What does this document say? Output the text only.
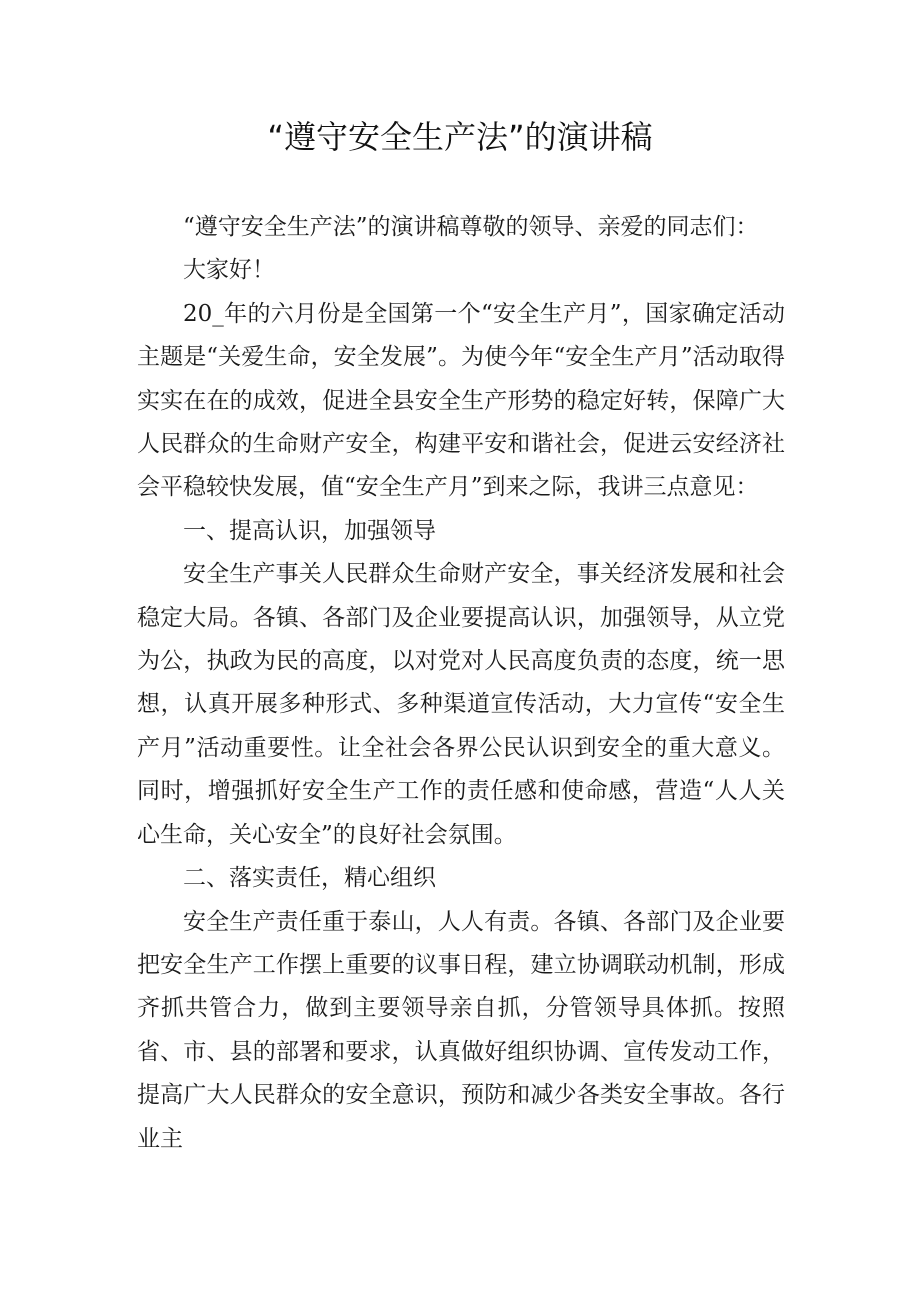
“遵守安全生产法”的演讲稿

“遵守安全生产法”的演讲稿尊敬的领导、亲爱的同志们：

大家好！

20_年的六月份是全国第一个“安全生产月”，国家确定活动主题是“关爱生命，安全发展”。为使今年“安全生产月”活动取得实实在在的成效，促进全县安全生产形势的稳定好转，保障广大人民群众的生命财产安全，构建平安和谐社会，促进云安经济社会平稳较快发展，值“安全生产月”到来之际，我讲三点意见：

一、提高认识，加强领导

安全生产事关人民群众生命财产安全，事关经济发展和社会稳定大局。各镇、各部门及企业要提高认识，加强领导，从立党为公，执政为民的高度，以对党对人民高度负责的态度，统一思想，认真开展多种形式、多种渠道宣传活动，大力宣传“安全生产月”活动重要性。让全社会各界公民认识到安全的重大意义。同时，增强抓好安全生产工作的责任感和使命感，营造“人人关心生命，关心安全”的良好社会氛围。

二、落实责任，精心组织

安全生产责任重于泰山，人人有责。各镇、各部门及企业要把安全生产工作摆上重要的议事日程，建立协调联动机制，形成齐抓共管合力，做到主要领导亲自抓，分管领导具体抓。按照省、市、县的部署和要求，认真做好组织协调、宣传发动工作，提高广大人民群众的安全意识，预防和减少各类安全事故。各行业主
